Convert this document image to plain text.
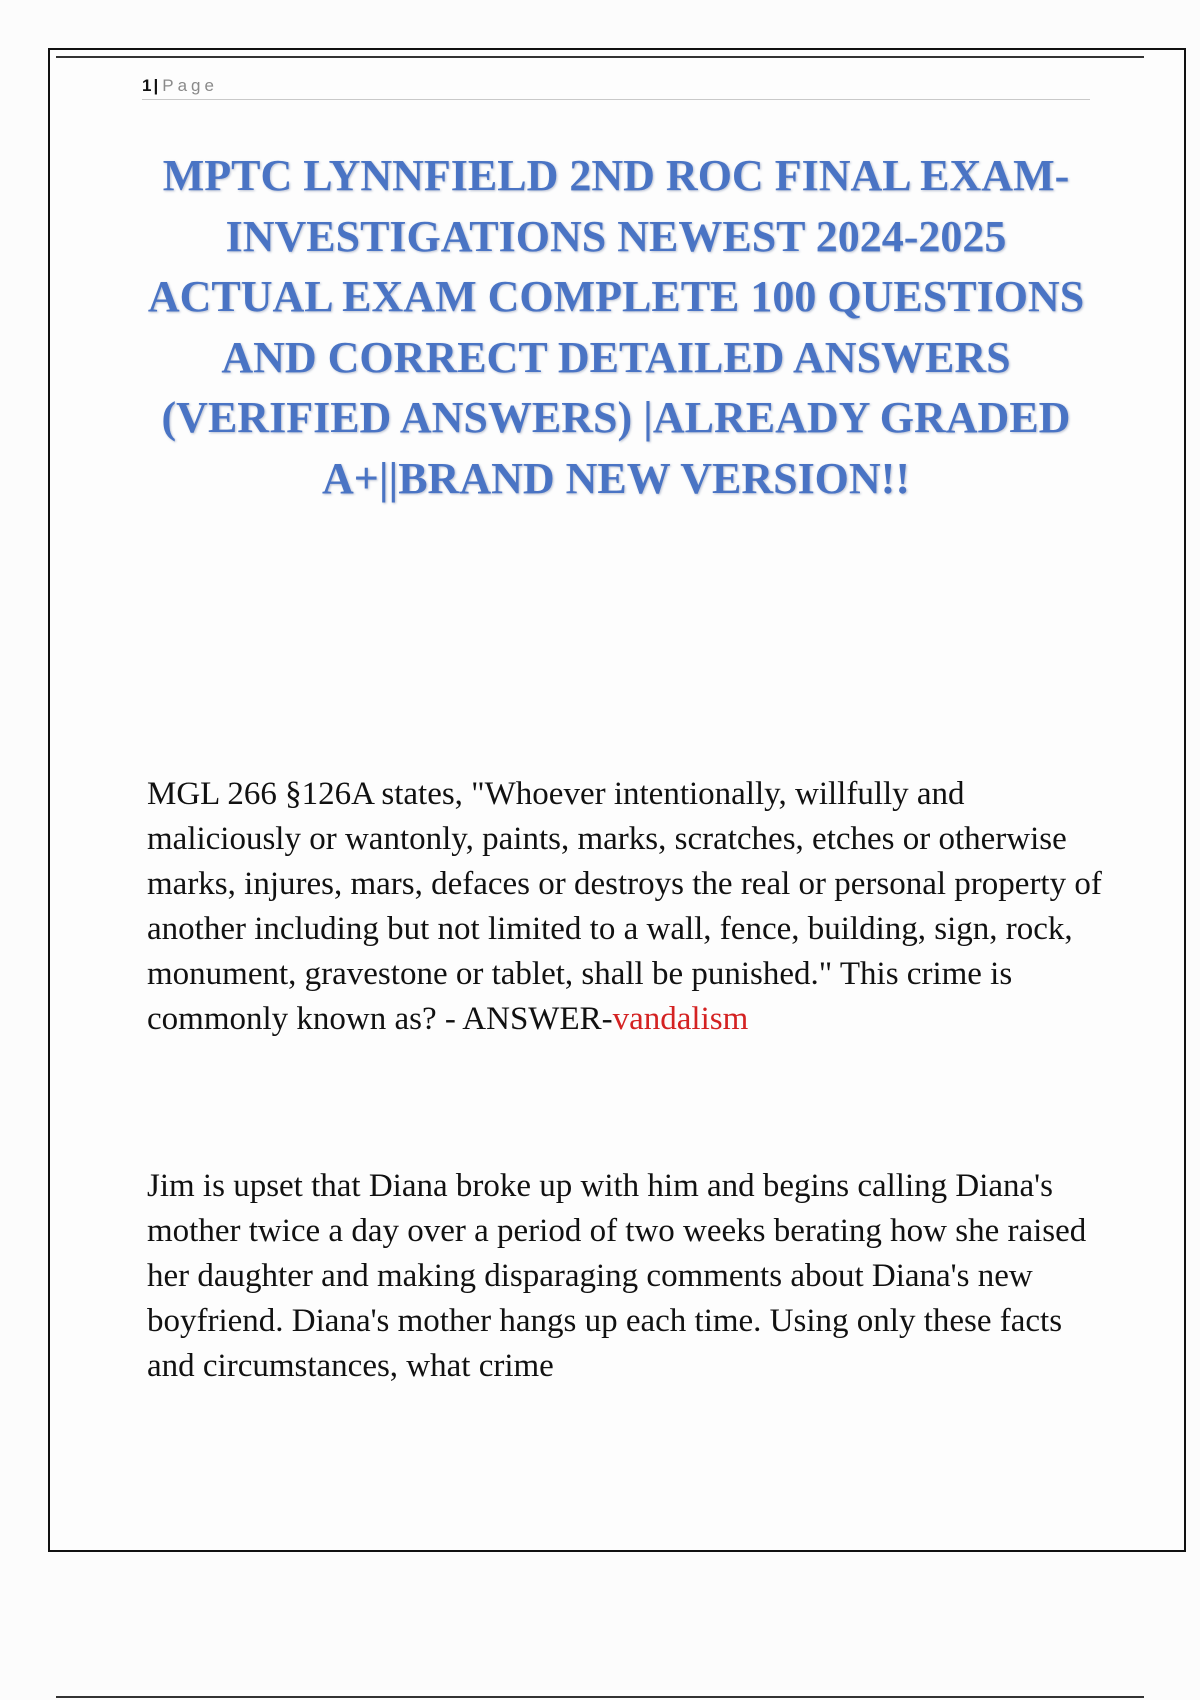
1 | Page
MPTC LYNNFIELD 2ND ROC FINAL EXAM-INVESTIGATIONS NEWEST 2024-2025 ACTUAL EXAM COMPLETE 100 QUESTIONS AND CORRECT DETAILED ANSWERS (VERIFIED ANSWERS) |ALREADY GRADED A+||BRAND NEW VERSION!!

MGL 266 §126A states, "Whoever intentionally, willfully and maliciously or wantonly, paints, marks, scratches, etches or otherwise marks, injures, mars, defaces or destroys the real or personal property of another including but not limited to a wall, fence, building, sign, rock, monument, gravestone or tablet, shall be punished." This crime is commonly known as? - ANSWER-vandalism

Jim is upset that Diana broke up with him and begins calling Diana's mother twice a day over a period of two weeks berating how she raised her daughter and making disparaging comments about Diana's new boyfriend. Diana's mother hangs up each time. Using only these facts and circumstances, what crime
